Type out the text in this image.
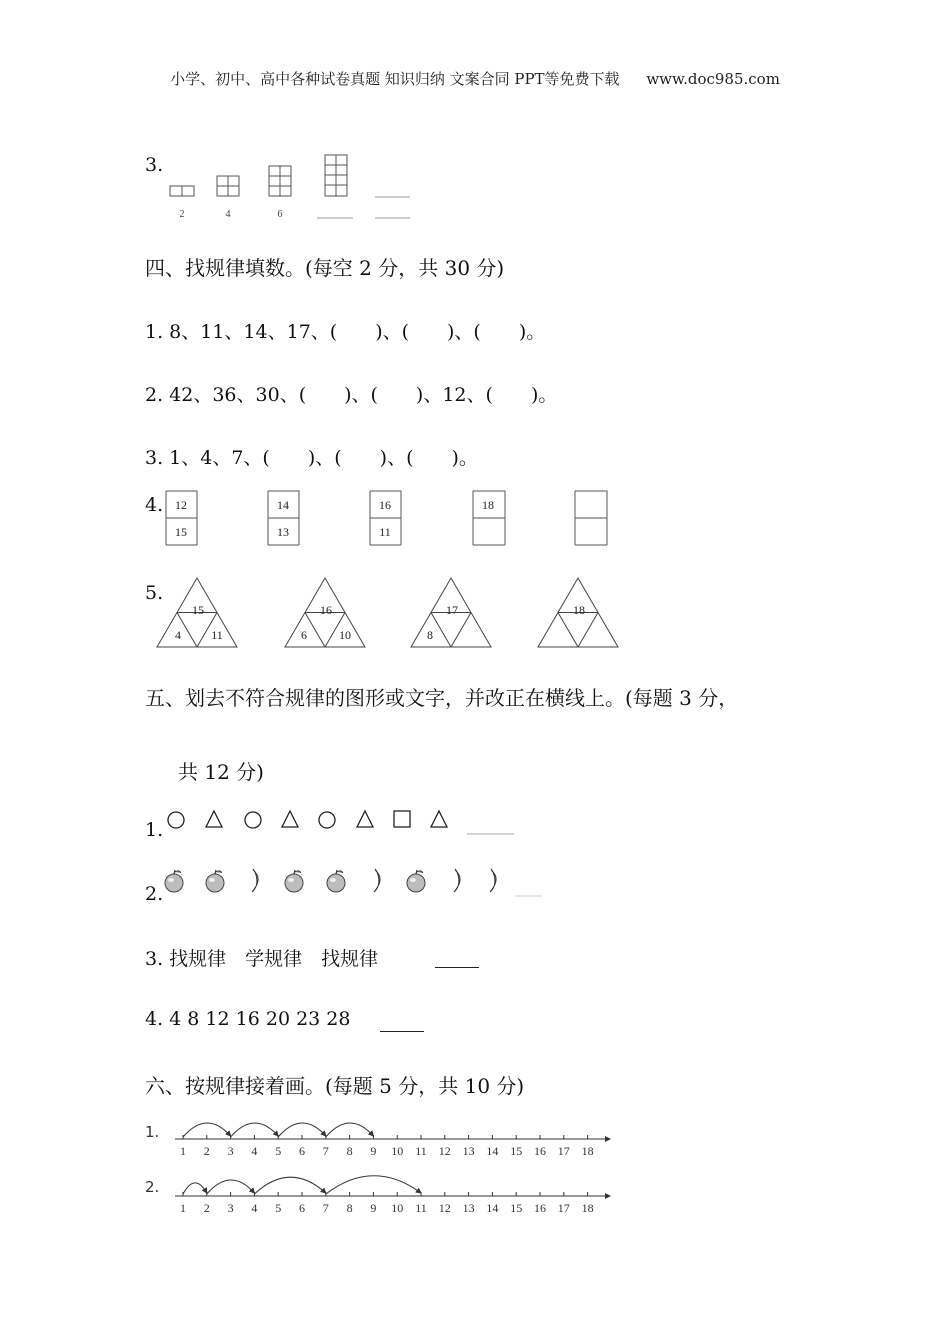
小学、初中、高中各种试卷真题 知识归纳 文案合同 PPT等免费下载 www.doc985.com
3.
2	4	6
四、找规律填数。(每空 2 分，共 30 分)
1. 8、11、14、17、(　　)、(　　)、(　　)。
2. 42、36、30、(　　)、(　　)、12、(　　)。
3. 1、4、7、(　　)、(　　)、(　　)。
4. 12
15
14
13
16
11
18
5.
15
4	11
16
6	10
17
8
18
五、划去不符合规律的图形或文字，并改正在横线上。(每题 3 分，
共 12 分)
1.
2.
3. 找规律　学规律　找规律
4. 4 8 12 16 20 23 28
六、按规律接着画。(每题 5 分，共 10 分)
1.
2.
1 2 3 4 5 6 7 8 9 10 11 12 13 14 15 16 17 18
1 2 3 4 5 6 7 8 9 10 11 12 13 14 15 16 17 18
